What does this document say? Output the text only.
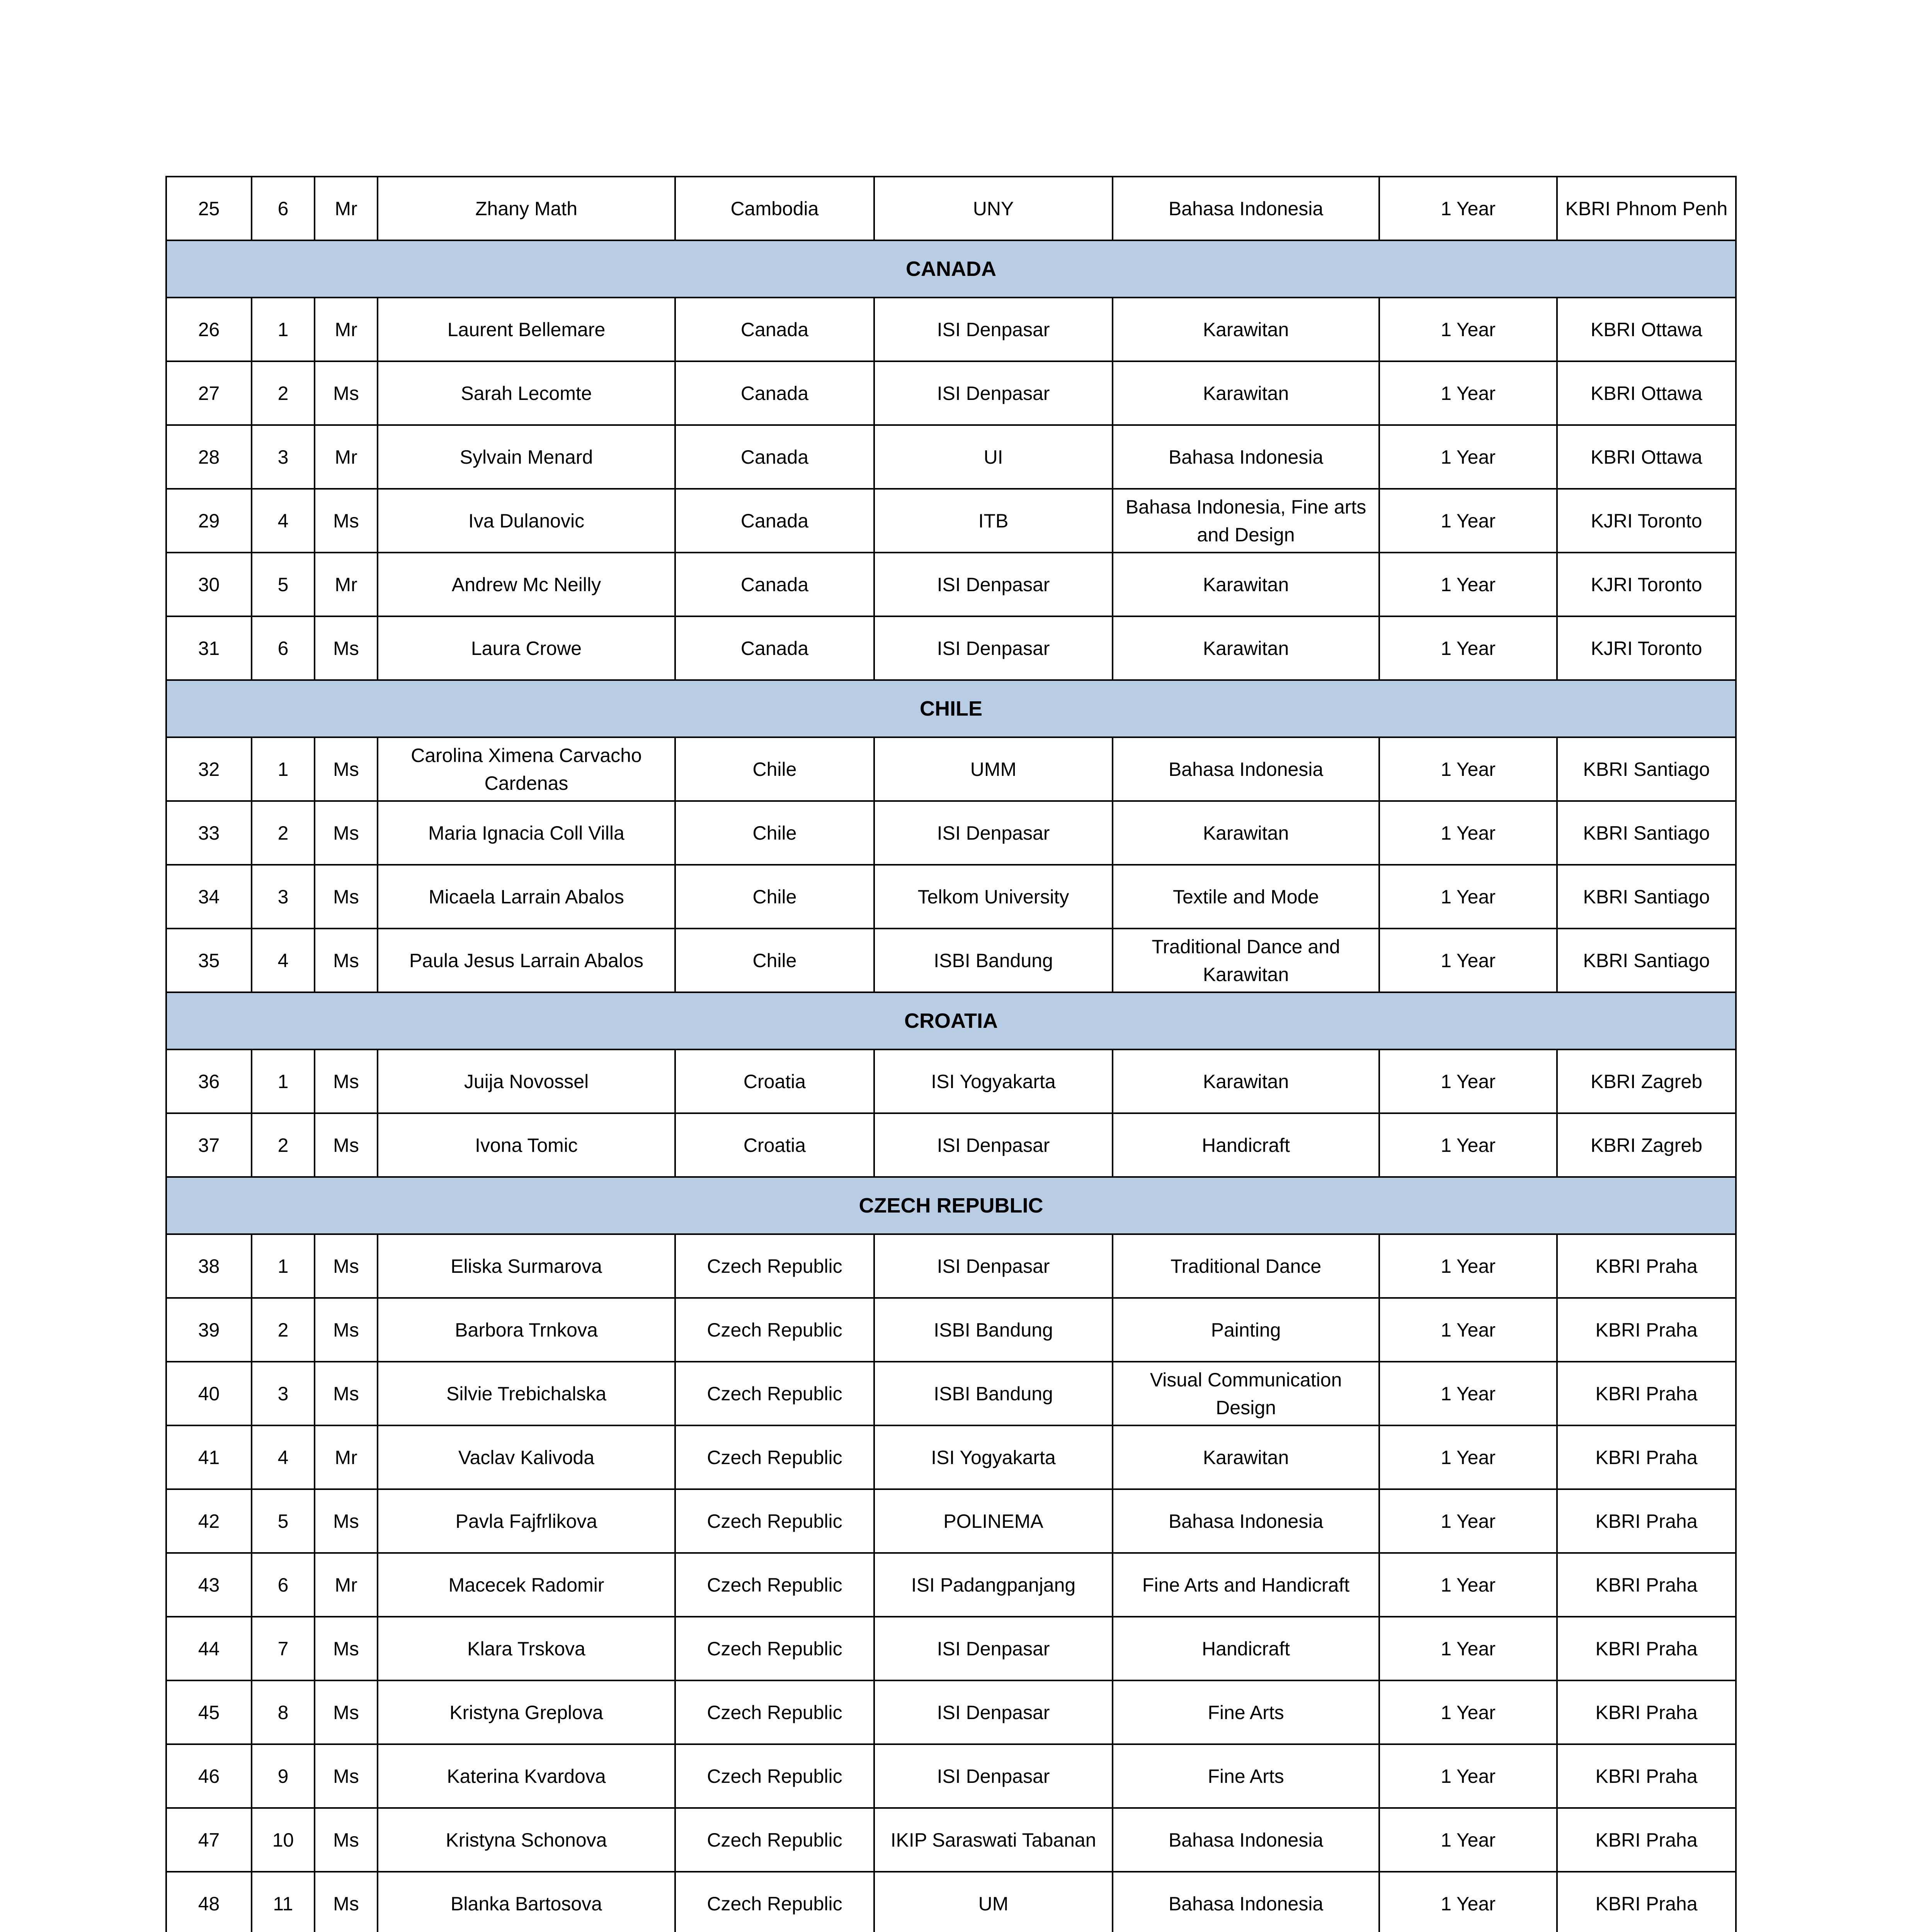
25	6	Mr	Zhany Math	Cambodia	UNY	Bahasa Indonesia	1 Year	KBRI Phnom Penh
CANADA								
26	1	Mr	Laurent Bellemare	Canada	ISI Denpasar	Karawitan	1 Year	KBRI Ottawa
27	2	Ms	Sarah Lecomte	Canada	ISI Denpasar	Karawitan	1 Year	KBRI Ottawa
28	3	Mr	Sylvain Menard	Canada	UI	Bahasa Indonesia	1 Year	KBRI Ottawa
29	4	Ms	Iva Dulanovic	Canada	ITB	Bahasa Indonesia, Fine arts and Design	1 Year	KJRI Toronto
30	5	Mr	Andrew Mc Neilly	Canada	ISI Denpasar	Karawitan	1 Year	KJRI Toronto
31	6	Ms	Laura Crowe	Canada	ISI Denpasar	Karawitan	1 Year	KJRI Toronto
CHILE								
32	1	Ms	Carolina Ximena Carvacho Cardenas	Chile	UMM	Bahasa Indonesia	1 Year	KBRI Santiago
33	2	Ms	Maria Ignacia Coll Villa	Chile	ISI Denpasar	Karawitan	1 Year	KBRI Santiago
34	3	Ms	Micaela Larrain Abalos	Chile	Telkom University	Textile and Mode	1 Year	KBRI Santiago
35	4	Ms	Paula Jesus Larrain Abalos	Chile	ISBI Bandung	Traditional Dance and Karawitan	1 Year	KBRI Santiago
CROATIA								
36	1	Ms	Juija Novossel	Croatia	ISI Yogyakarta	Karawitan	1 Year	KBRI Zagreb
37	2	Ms	Ivona Tomic	Croatia	ISI Denpasar	Handicraft	1 Year	KBRI Zagreb
CZECH REPUBLIC								
38	1	Ms	Eliska Surmarova	Czech Republic	ISI Denpasar	Traditional Dance	1 Year	KBRI Praha
39	2	Ms	Barbora Trnkova	Czech Republic	ISBI Bandung	Painting	1 Year	KBRI Praha
40	3	Ms	Silvie Trebichalska	Czech Republic	ISBI Bandung	Visual Communication Design	1 Year	KBRI Praha
41	4	Mr	Vaclav Kalivoda	Czech Republic	ISI Yogyakarta	Karawitan	1 Year	KBRI Praha
42	5	Ms	Pavla Fajfrlikova	Czech Republic	POLINEMA	Bahasa Indonesia	1 Year	KBRI Praha
43	6	Mr	Macecek Radomir	Czech Republic	ISI Padangpanjang	Fine Arts and Handicraft	1 Year	KBRI Praha
44	7	Ms	Klara Trskova	Czech Republic	ISI Denpasar	Handicraft	1 Year	KBRI Praha
45	8	Ms	Kristyna Greplova	Czech Republic	ISI Denpasar	Fine Arts	1 Year	KBRI Praha
46	9	Ms	Katerina Kvardova	Czech Republic	ISI Denpasar	Fine Arts	1 Year	KBRI Praha
47	10	Ms	Kristyna Schonova	Czech Republic	IKIP Saraswati Tabanan	Bahasa Indonesia	1 Year	KBRI Praha
48	11	Ms	Blanka Bartosova	Czech Republic	UM	Bahasa Indonesia	1 Year	KBRI Praha
